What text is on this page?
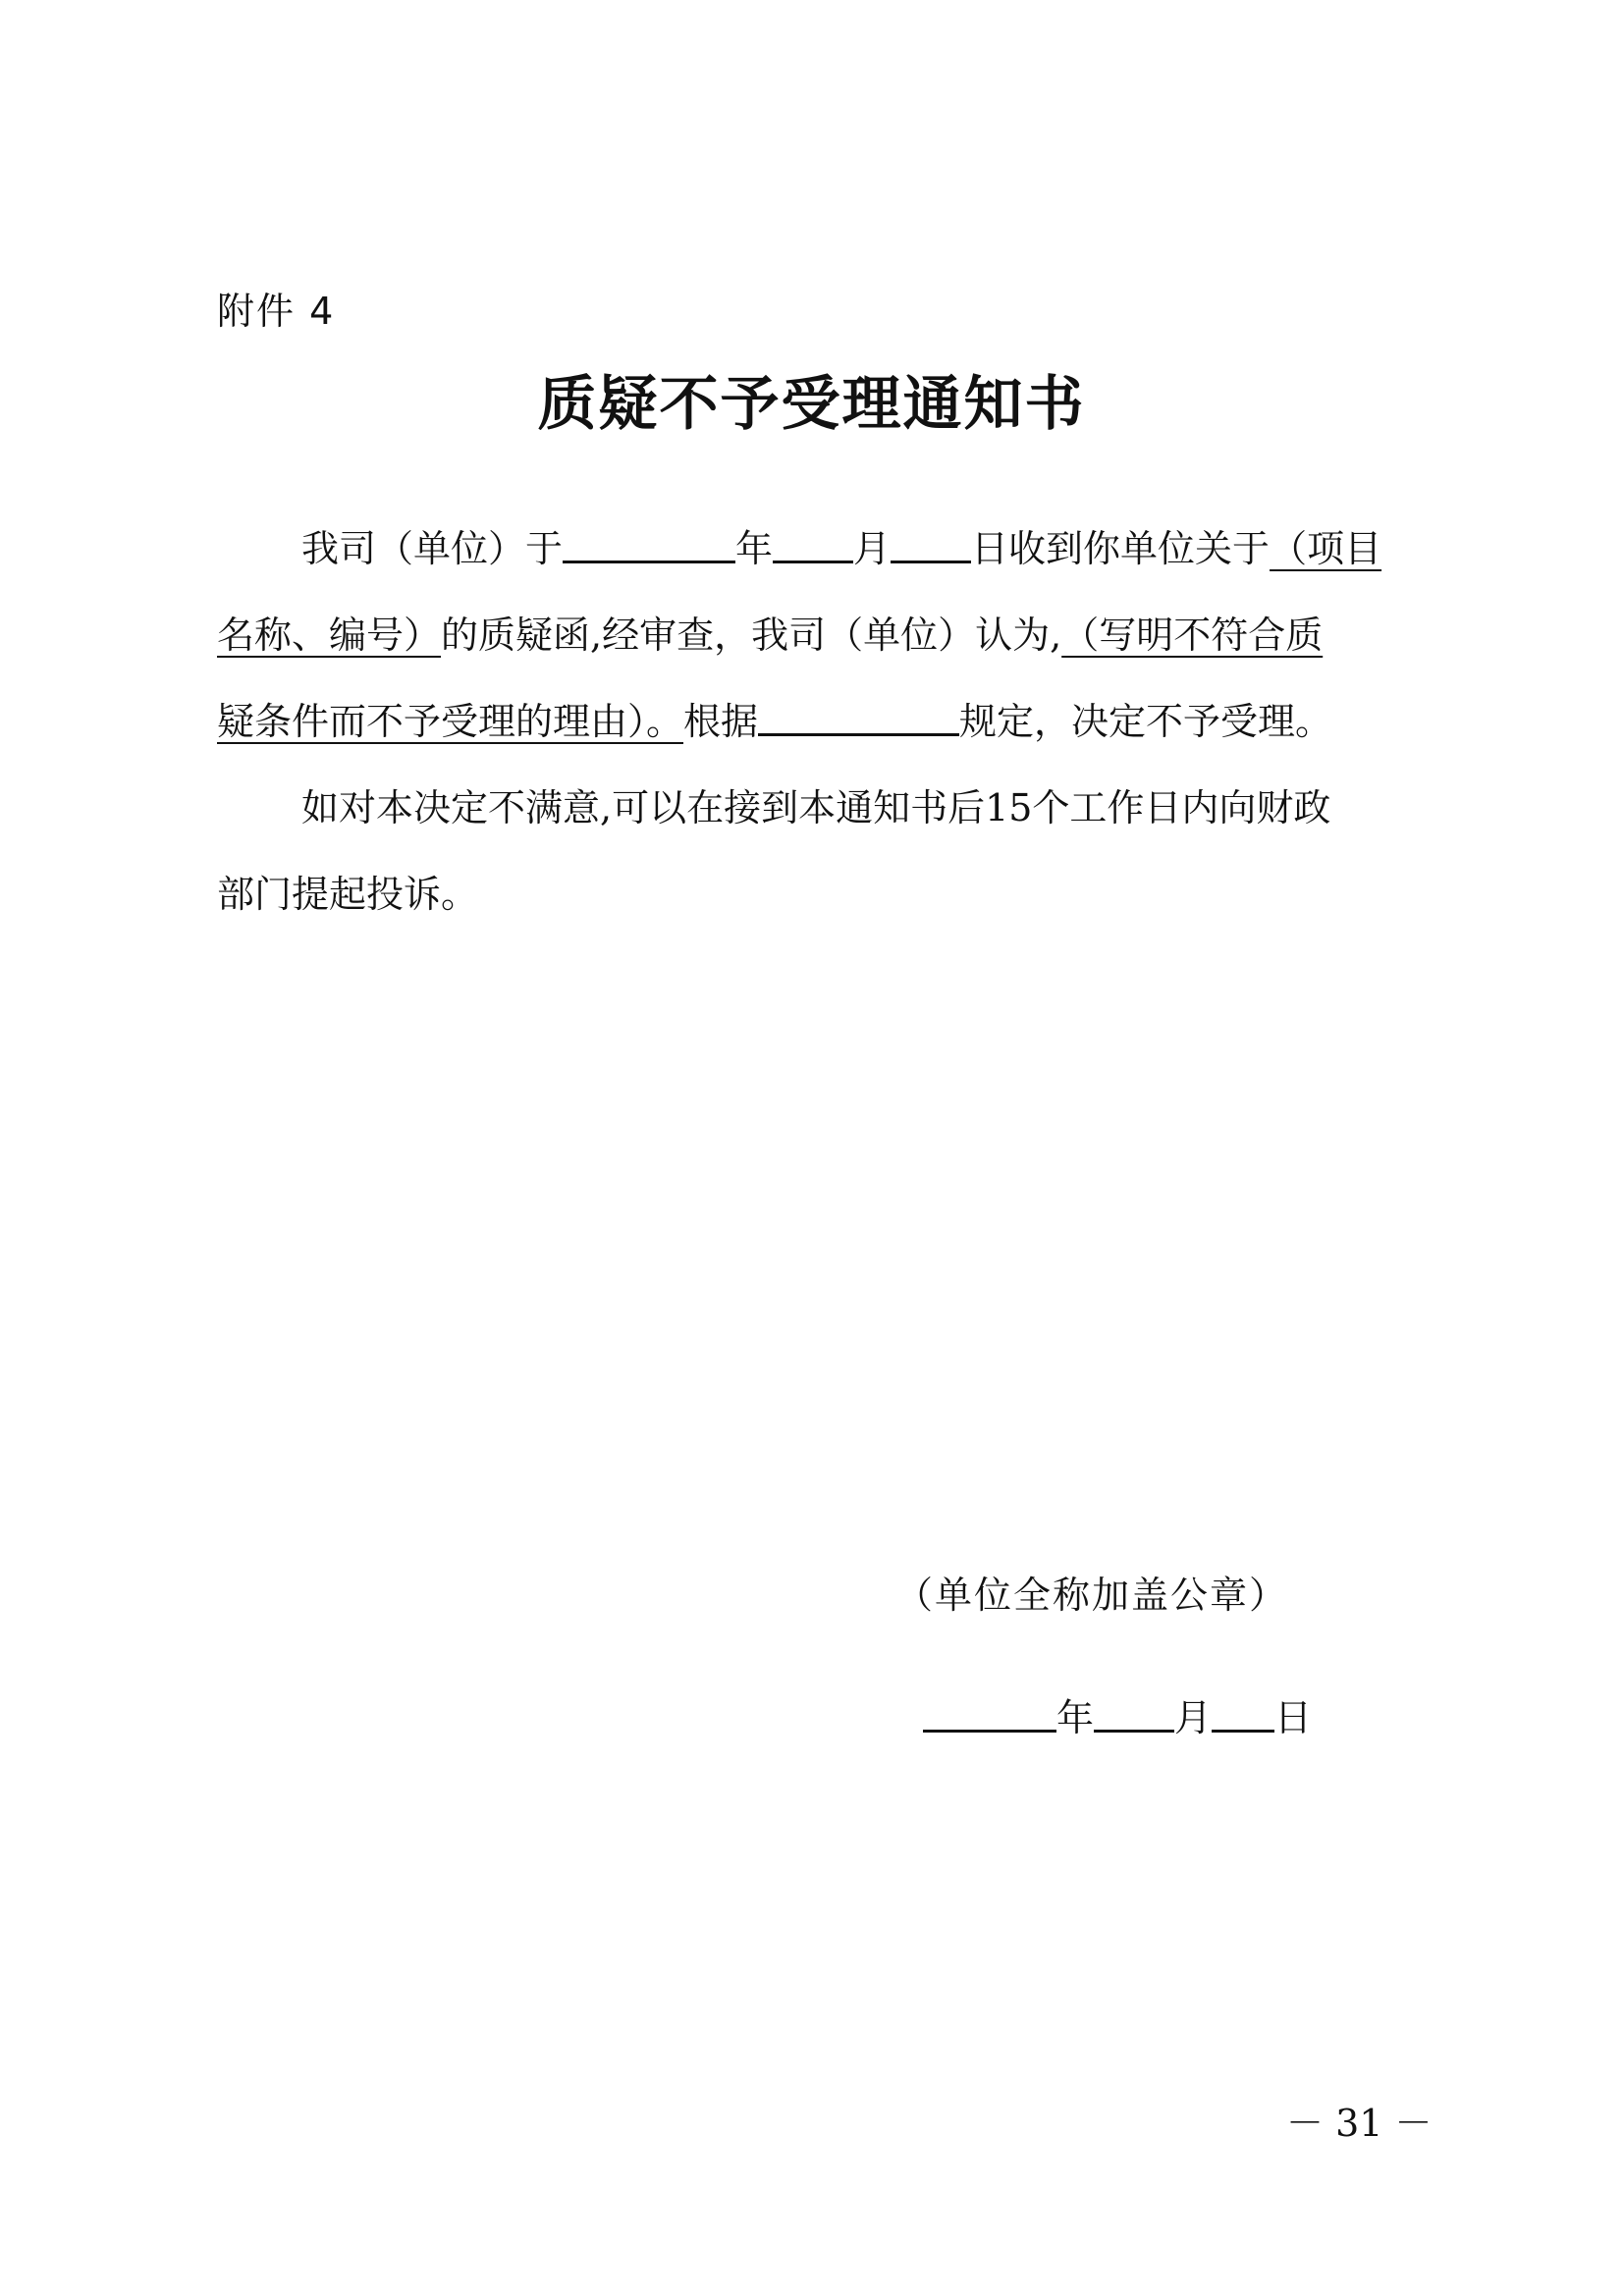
附件 4
质疑不予受理通知书
我司（单位）于	年 月 日收到你单位关于（项目
名称、编号）的质疑函,经审查，我司（单位）认为,（写明不符合质
疑条件而不予受理的理由）。根据	规定，决定不予受理。
如对本决定不满意,可以在接到本通知书后15个工作日内向财政
部门提起投诉。
（单位全称加盖公章）
年 月 日
－ 31 －
